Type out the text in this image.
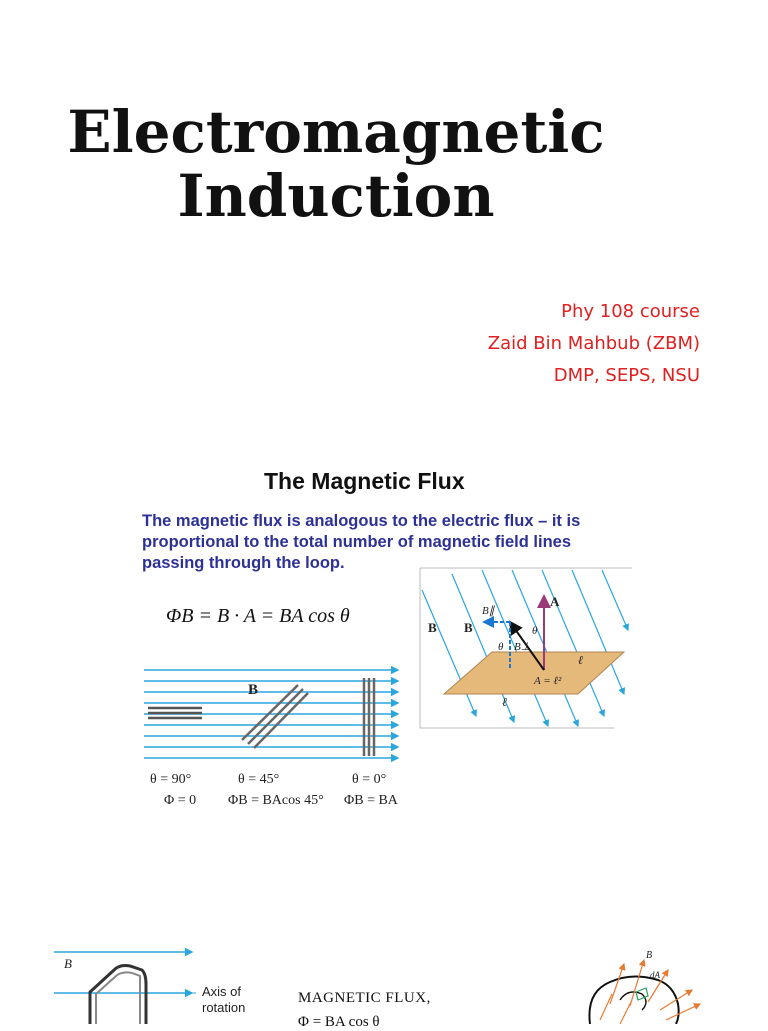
Electromagnetic
Induction
Phy 108 course
Zaid Bin Mahbub (ZBM)
DMP, SEPS, NSU
The Magnetic Flux
The magnetic flux is analogous to the electric flux – it is proportional to the total number of magnetic field lines passing through the loop.
ΦB = B · A = BA cos θ
B
θ = 90°	θ = 45°	θ = 0°
Φ = 0 ΦB = BAcos 45° ΦB = BA
A
B B
B∥
B⊥
θ
θ
A = ℓ²
ℓ
ℓ
B
Axis of
rotation
MAGNETIC FLUX,
Φ = BA cos θ
B
dA
